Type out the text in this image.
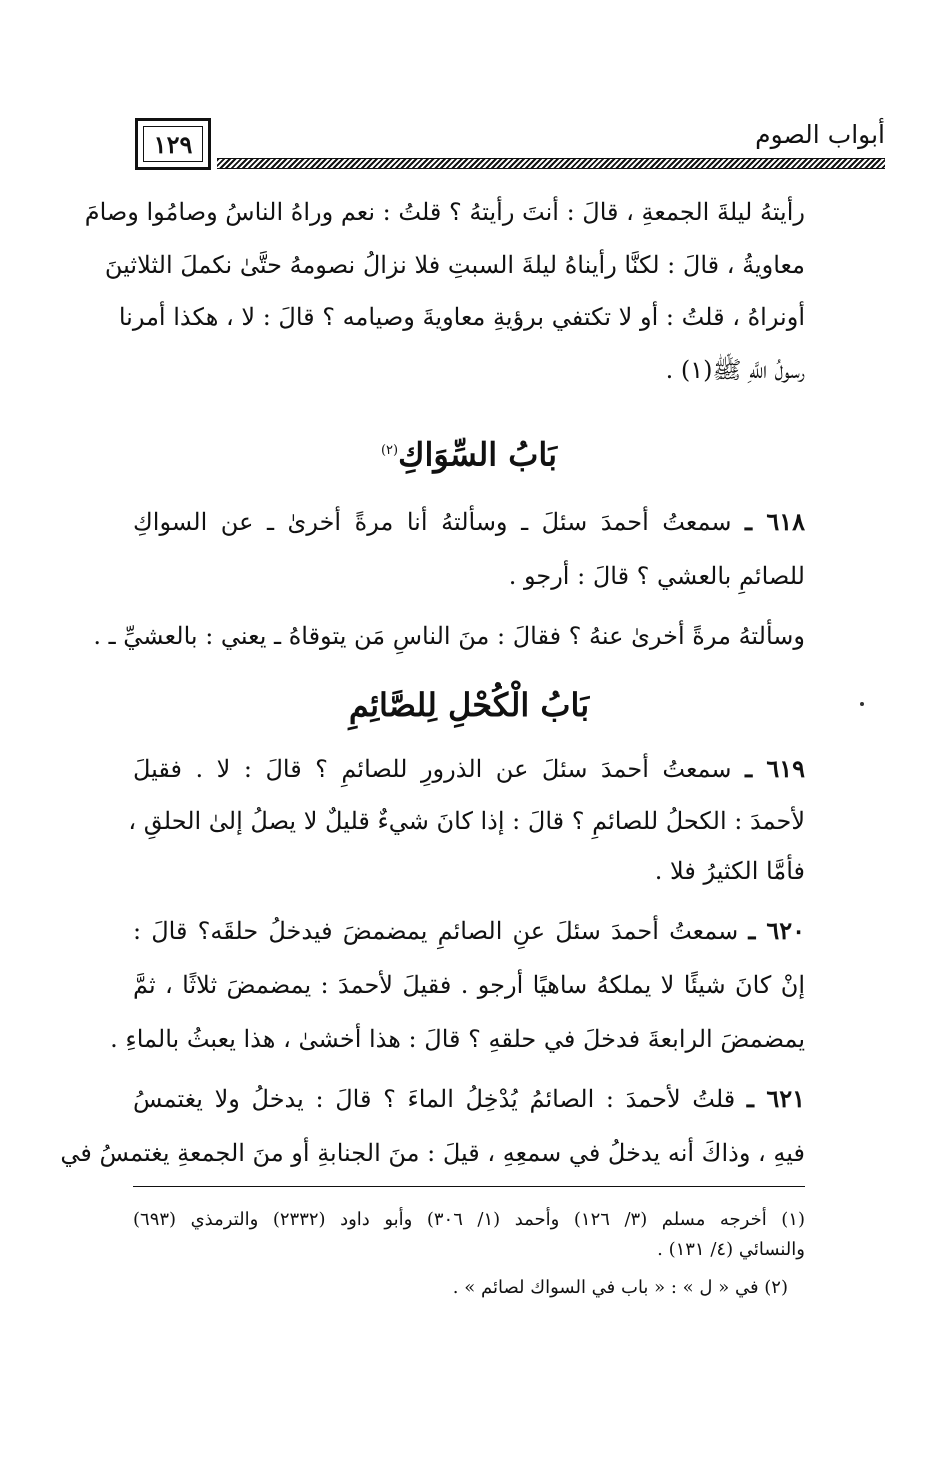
١٢٩	أبواب الصوم
رأيتهُ ليلةَ الجمعةِ ، قالَ : أنتَ رأيتهُ ؟ قلتُ : نعم وراهُ الناسُ وصامُوا وصامَ
معاويةُ ، قالَ : لكنَّا رأيناهُ ليلةَ السبتِ فلا نزالُ نصومهُ حتَّىٰ نكملَ الثلاثينَ
أونراهُ ، قلتُ : أو لا تكتفي برؤيةِ معاويةَ وصيامه ؟ قالَ : لا ، هكذا أمرنا
رسولُ اللَّهِ ﷺ(١) .
بَابُ السِّوَاكِ$^{(٢)}$
٦١٨ ـ سمعتُ أحمدَ سئلَ ـ وسألتهُ أنا مرةً أخرىٰ ـ عن السواكِ
للصائمِ بالعشي ؟ قالَ : أرجو .
وسألتهُ مرةً أخرىٰ عنهُ ؟ فقالَ : منَ الناسِ مَن يتوقاهُ ـ يعني : بالعشيِّ ـ .
بَابُ الْكُحْلِ لِلصَّائِمِ
٦١٩ ـ سمعتُ أحمدَ سئلَ عن الذرورِ للصائمِ ؟ قالَ : لا . فقيلَ
لأحمدَ : الكحلُ للصائمِ ؟ قالَ : إذا كانَ شيءٌ قليلٌ لا يصلُ إلىٰ الحلقِ ،
فأمَّا الكثيرُ فلا .
٦٢٠ ـ سمعتُ أحمدَ سئلَ عنِ الصائمِ يمضمضَ فيدخلُ حلقَه؟ قالَ :
إنْ كانَ شيئًا لا يملكهُ ساهيًا أرجو . فقيلَ لأحمدَ : يمضمضَ ثلاثًا ، ثمَّ
يمضمضَ الرابعةَ فدخلَ في حلقهِ ؟ قالَ : هذا أخشىٰ ، هذا يعبثُ بالماءِ .
٦٢١ ـ قلتُ لأحمدَ : الصائمُ يُدْخِلُ الماءَ ؟ قالَ : يدخلُ ولا يغتمسُ
فيهِ ، وذاكَ أنه يدخلُ في سمعِهِ ، قيلَ : منَ الجنابةِ أو منَ الجمعةِ يغتمسُ في
(١) أخرجه مسلم (٣/ ١٢٦) وأحمد (١/ ٣٠٦) وأبو داود (٢٣٣٢) والترمذي (٦٩٣)
والنسائي (٤/ ١٣١) .
(٢) في « ل » : « باب في السواك لصائم » .
